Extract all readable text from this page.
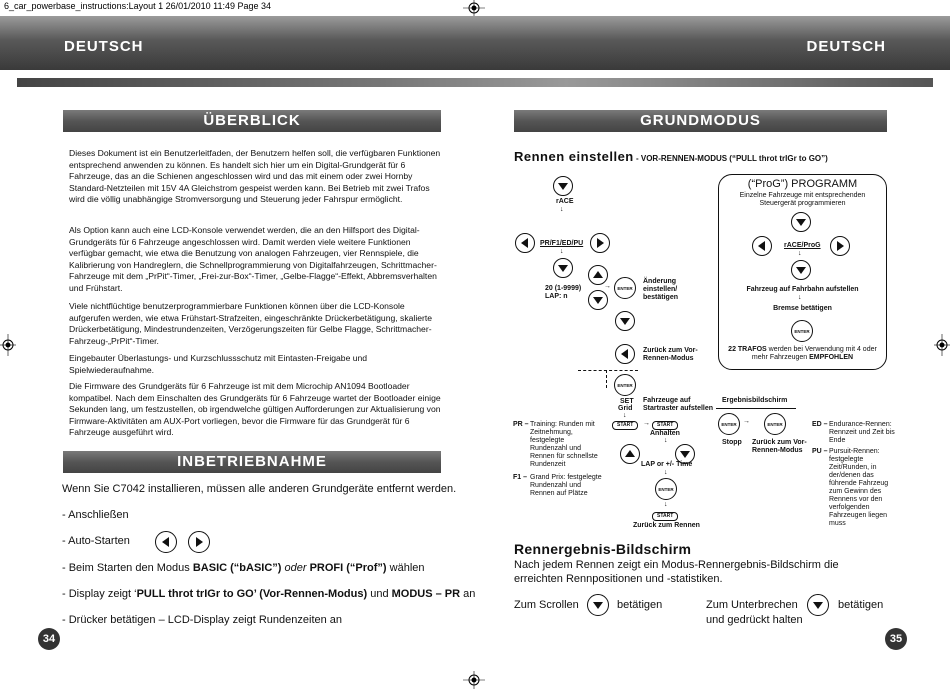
6_car_powerbase_instructions:Layout 1 26/01/2010 11:49 Page 34
DEUTSCH	DEUTSCH
ÜBERBLICK
Dieses Dokument ist ein Benutzerleitfaden, der Benutzern helfen soll, die verfügbaren Funktionen entsprechend anwenden zu können. Es handelt sich hier um ein Digital-Grundgerät für 6 Fahrzeuge, das an die Schienen angeschlossen wird und das mit einem oder zwei Hornby Standard-Netzteilen mit 15V 4A Gleichstrom gespeist werden kann. Bei Betrieb mit zwei Trafos wird die völlig unabhängige Stromversorgung und Steuerung jeder Fahrspur ermöglicht.
Als Option kann auch eine LCD-Konsole verwendet werden, die an den Hilfsport des Digital-Grundgeräts für 6 Fahrzeuge angeschlossen wird. Damit werden viele weitere Funktionen verfügbar gemacht, wie etwa die Benutzung von analogen Fahrzeugen, vier Rennspiele, die Kalibrierung von Handreglern, die Schnellprogrammierung von Digitalfahrzeugen, Schrittmacher-Fahrzeuge mit dem „PrPit“-Timer, „Frei-zur-Box“-Timer, „Gelbe-Flagge“-Effekt, Abbremsverhalten und Frühstart.
Viele nichtflüchtige benutzerprogrammierbare Funktionen können über die LCD-Konsole aufgerufen werden, wie etwa Frühstart-Strafzeiten, eingeschränkte Drückerbetätigung, skalierte Drückerbetätigung, Mindestrundenzeiten, Verzögerungszeiten für Gelbe Flagge, Schrittmacher-Fahrzeug-„PrPit“-Timer.
Eingebauter Überlastungs- und Kurzschlussschutz mit Eintasten-Freigabe und Spielwiederaufnahme.
Die Firmware des Grundgeräts für 6 Fahrzeuge ist mit dem Microchip AN1094 Bootloader kompatibel. Nach dem Einschalten des Grundgeräts für 6 Fahrzeuge wartet der Bootloader einige Sekunden lang, um festzustellen, ob irgendwelche gültigen Aufforderungen zur Aktualisierung von Firmware-Aktivitäten am AUX-Port vorliegen, bevor die Firmware für das Grundgerät für 6 Fahrzeuge ausgeführt wird.
INBETRIEBNAHME
Wenn Sie C7042 installieren, müssen alle anderen Grundgeräte entfernt werden.
- Anschließen
- Auto-Starten
- Beim Starten den Modus BASIC (“bASIC”) oder PROFI (“Prof”) wählen
- Display zeigt ‘PULL throt trIGr to GO’ (Vor-Rennen-Modus) und MODUS – PR an
- Drücker betätigen – LCD-Display zeigt Rundenzeiten an
34
GRUNDMODUS
Rennen einstellen - VOR-RENNEN-MODUS (“PULL throt trIGr to GO”)
rACE
↓
PR/F1/ED/PU
↓
20 (1-9999)
LAP: n
→	ENTER
Änderung einstellen/ bestätigen
Zurück zum Vor-Rennen-Modus
ENTER
SET
Grid
↓
Fahrzeuge auf Startraster aufstellen
START	→	START
Anhalten
↓
LAP or +/- Time
↓
ENTER
↓
START
Zurück zum Rennen
Ergebnisbildschirm
ENTER →	ENTER
Stopp Zurück zum Vor-Rennen-Modus
PR – Training: Runden mit Zeitnehmung, festgelegte Rundenzahl und Rennen für schnellste Rundenzeit
F1 – Grand Prix: festgelegte Rundenzahl und Rennen auf Plätze
ED – Endurance-Rennen: Rennzeit und Zeit bis Ende
PU – Pursuit-Rennen: festgelegte Zeit/Runden, in der/denen das führende Fahrzeug zum Gewinn des Rennens vor den verfolgenden Fahrzeugen liegen muss
(“ProG”) PROGRAMM
Einzelne Fahrzeuge mit entsprechenden Steuergerät programmieren
rACE/ProG
↓
Fahrzeug auf Fahrbahn aufstellen
↓
Bremse betätigen
ENTER
22 TRAFOS werden bei Verwendung mit 4 oder mehr Fahrzeugen EMPFOHLEN
Rennergebnis-Bildschirm
Nach jedem Rennen zeigt ein Modus-Rennergebnis-Bildschirm die erreichten Rennpositionen und -statistiken.
Zum Scrollen	betätigen	Zum Unterbrechen	betätigen
und gedrückt halten
35
